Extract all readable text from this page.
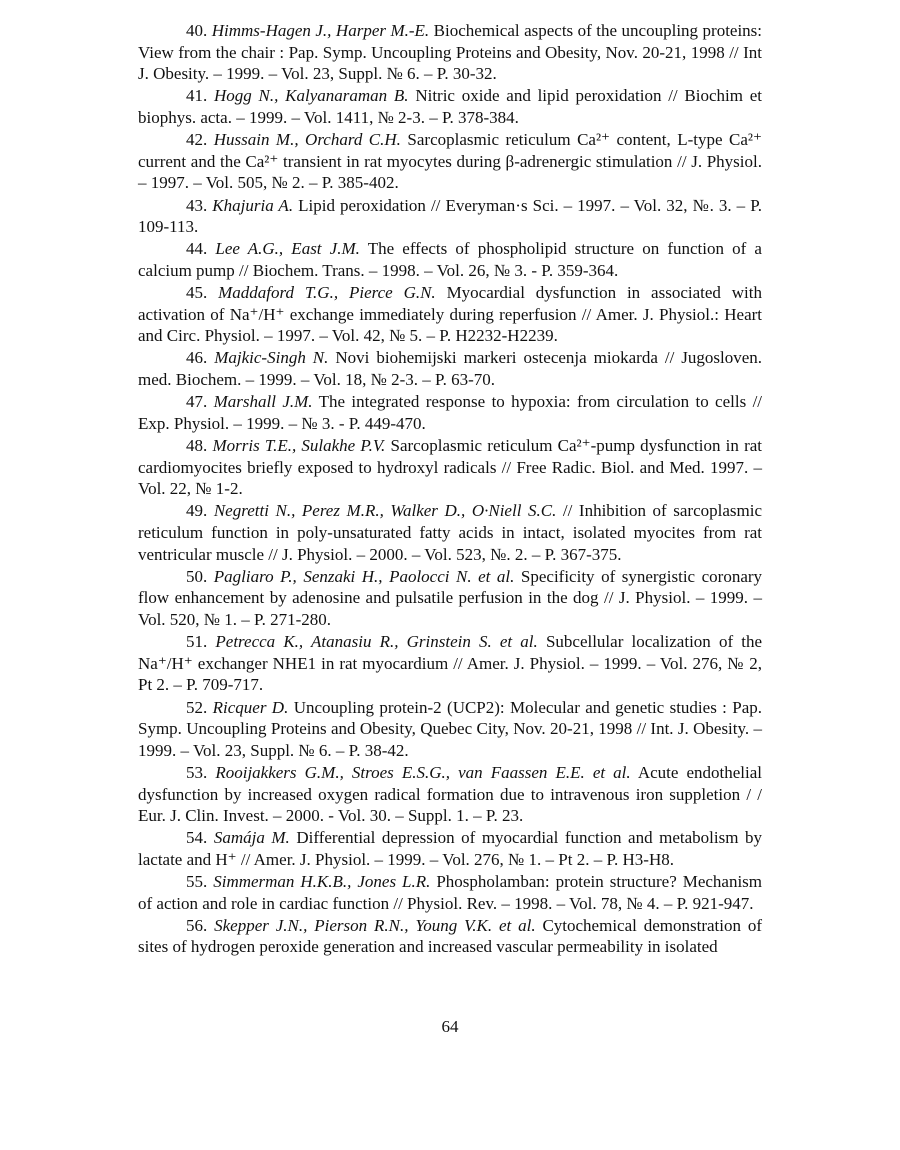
40. Himms-Hagen J., Harper M.-E. Biochemical aspects of the uncoupling proteins: View from the chair : Pap. Symp. Uncoupling Proteins and Obesity, Nov. 20-21, 1998 // Int J. Obesity. – 1999. – Vol. 23, Suppl. № 6. – P. 30-32.

41. Hogg N., Kalyanaraman B. Nitric oxide and lipid peroxidation // Biochim et biophys. acta. – 1999. – Vol. 1411, № 2-3. – P. 378-384.

42. Hussain M., Orchard C.H. Sarcoplasmic reticulum Ca²⁺ content, L-type Ca²⁺ current and the Ca²⁺ transient in rat myocytes during β-adrenergic stimulation // J. Physiol. – 1997. – Vol. 505, № 2. – P. 385-402.

43. Khajuria A. Lipid peroxidation // Everyman·s Sci. – 1997. – Vol. 32, №. 3. – P. 109-113.

44. Lee A.G., East J.M. The effects of phospholipid structure on function of a calcium pump // Biochem. Trans. – 1998. – Vol. 26, № 3. - P. 359-364.

45. Maddaford T.G., Pierce G.N. Myocardial dysfunction in associated with activation of Na⁺/H⁺ exchange immediately during reperfusion // Amer. J. Physiol.: Heart and Circ. Physiol. – 1997. – Vol. 42, № 5. – P. H2232-H2239.

46. Majkic-Singh N. Novi biohemijski markeri ostecenja miokarda // Jugosloven. med. Biochem. – 1999. – Vol. 18, № 2-3. – P. 63-70.

47. Marshall J.M. The integrated response to hypoxia: from circulation to cells // Exp. Physiol. – 1999. – № 3. - P. 449-470.

48. Morris T.E., Sulakhe P.V. Sarcoplasmic reticulum Ca²⁺-pump dysfunction in rat cardiomyocites briefly exposed to hydroxyl radicals // Free Radic. Biol. and Med. 1997. – Vol. 22, № 1-2.

49. Negretti N., Perez M.R., Walker D., O·Niell S.C. // Inhibition of sarcoplasmic reticulum function in poly-unsaturated fatty acids in intact, isolated myocites from rat ventricular muscle // J. Physiol. – 2000. – Vol. 523, №. 2. – P. 367-375.

50. Pagliaro P., Senzaki H., Paolocci N. et al. Specificity of synergistic coronary flow enhancement by adenosine and pulsatile perfusion in the dog // J. Physiol. – 1999. – Vol. 520, № 1. – P. 271-280.

51. Petrecca K., Atanasiu R., Grinstein S. et al. Subcellular localization of the Na⁺/H⁺ exchanger NHE1 in rat myocardium // Amer. J. Physiol. – 1999. – Vol. 276, № 2, Pt 2. – P. 709-717.

52. Ricquer D. Uncoupling protein-2 (UCP2): Molecular and genetic studies : Pap. Symp. Uncoupling Proteins and Obesity, Quebec City, Nov. 20-21, 1998 // Int. J. Obesity. – 1999. – Vol. 23, Suppl. № 6. – P. 38-42.

53. Rooijakkers G.M., Stroes E.S.G., van Faassen E.E. et al. Acute endothelial dysfunction by increased oxygen radical formation due to intravenous iron suppletion / / Eur. J. Clin. Invest. – 2000. - Vol. 30. – Suppl. 1. – P. 23.

54. Samája M. Differential depression of myocardial function and metabolism by lactate and H⁺ // Amer. J. Physiol. – 1999. – Vol. 276, № 1. – Pt 2. – P. H3-H8.

55. Simmerman H.K.B., Jones L.R. Phospholamban: protein structure? Mechanism of action and role in cardiac function // Physiol. Rev. – 1998. – Vol. 78, № 4. – P. 921-947.

56. Skepper J.N., Pierson R.N., Young V.K. et al. Cytochemical demonstration of sites of hydrogen peroxide generation and increased vascular permeability in isolated

64
